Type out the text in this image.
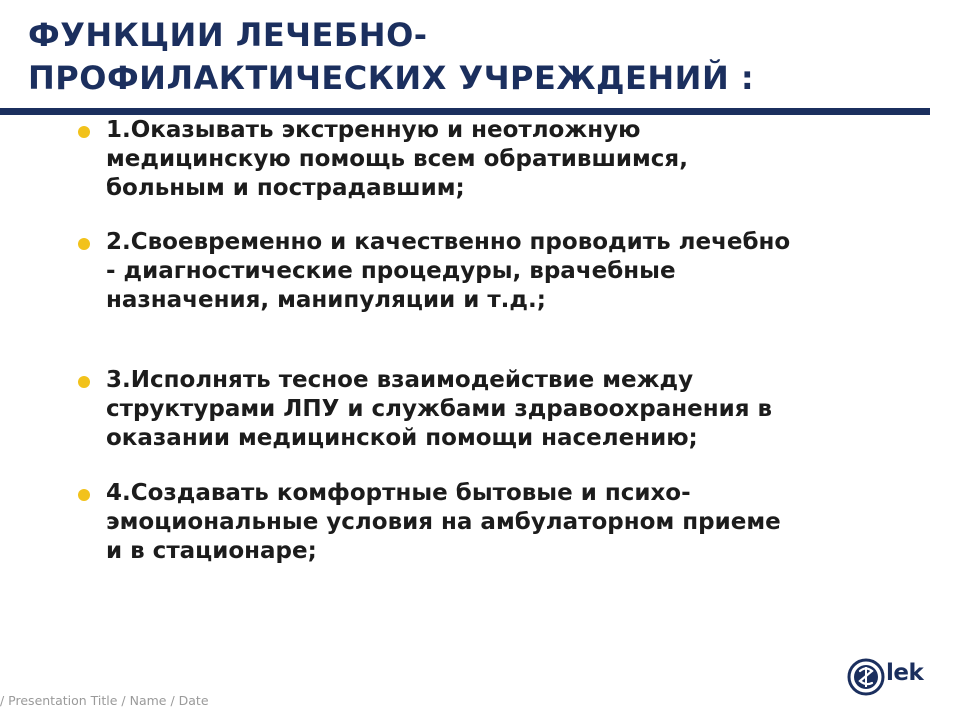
ФУНКЦИИ ЛЕЧЕБНО-
ПРОФИЛАКТИЧЕСКИХ УЧРЕЖДЕНИЙ :

1.Оказывать экстренную и неотложную
медицинскую помощь всем обратившимся,
больным и пострадавшим;

2.Своевременно и качественно проводить лечебно
- диагностические процедуры, врачебные
назначения, манипуляции и т.д.;

3.Исполнять тесное взаимодействие между
структурами ЛПУ и службами здравоохранения в
оказании медицинской помощи населению;

4.Создавать комфортные бытовые и психо-
эмоциональные условия на амбулаторном приеме
и в стационаре;

/ Presentation Title / Name / Date
lek
